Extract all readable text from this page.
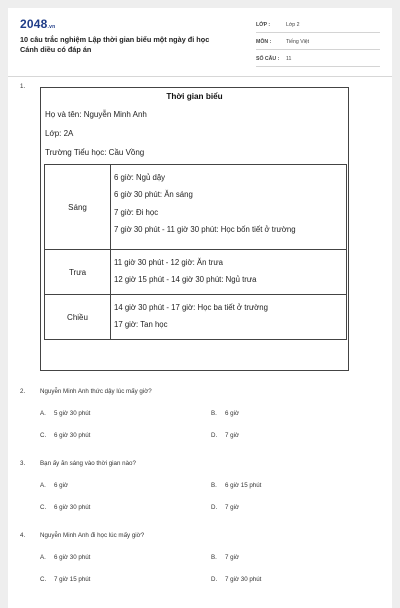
2048.vn
10 câu trắc nghiệm Lập thời gian biểu một ngày đi học
Cánh diều có đáp án
LỚP :	Lớp 2
MÔN :	Tiếng Việt
SỐ CÂU :	11
1.
Thời gian biểu
Họ và tên: Nguyễn Minh Anh
Lớp: 2A
Trường Tiểu học: Cầu Vồng
Sáng
6 giờ: Ngủ dậy
6 giờ 30 phút: Ăn sáng
7 giờ: Đi học
7 giờ 30 phút - 11 giờ 30 phút: Học bốn tiết ở trường
Trưa
11 giờ 30 phút - 12 giờ: Ăn trưa
12 giờ 15 phút - 14 giờ 30 phút: Ngủ trưa
Chiều
14 giờ 30 phút - 17 giờ: Học ba tiết ở trường
17 giờ: Tan học
2. Nguyễn Minh Anh thức dậy lúc mấy giờ?
A. 5 giờ 30 phút	B. 6 giờ
C. 6 giờ 30 phút	D. 7 giờ
3. Bạn ấy ăn sáng vào thời gian nào?
A. 6 giờ	B. 6 giờ 15 phút
C. 6 giờ 30 phút	D. 7 giờ
4. Nguyễn Minh Anh đi học lúc mấy giờ?
A. 6 giờ 30 phút	B. 7 giờ
C. 7 giờ 15 phút	D. 7 giờ 30 phút
